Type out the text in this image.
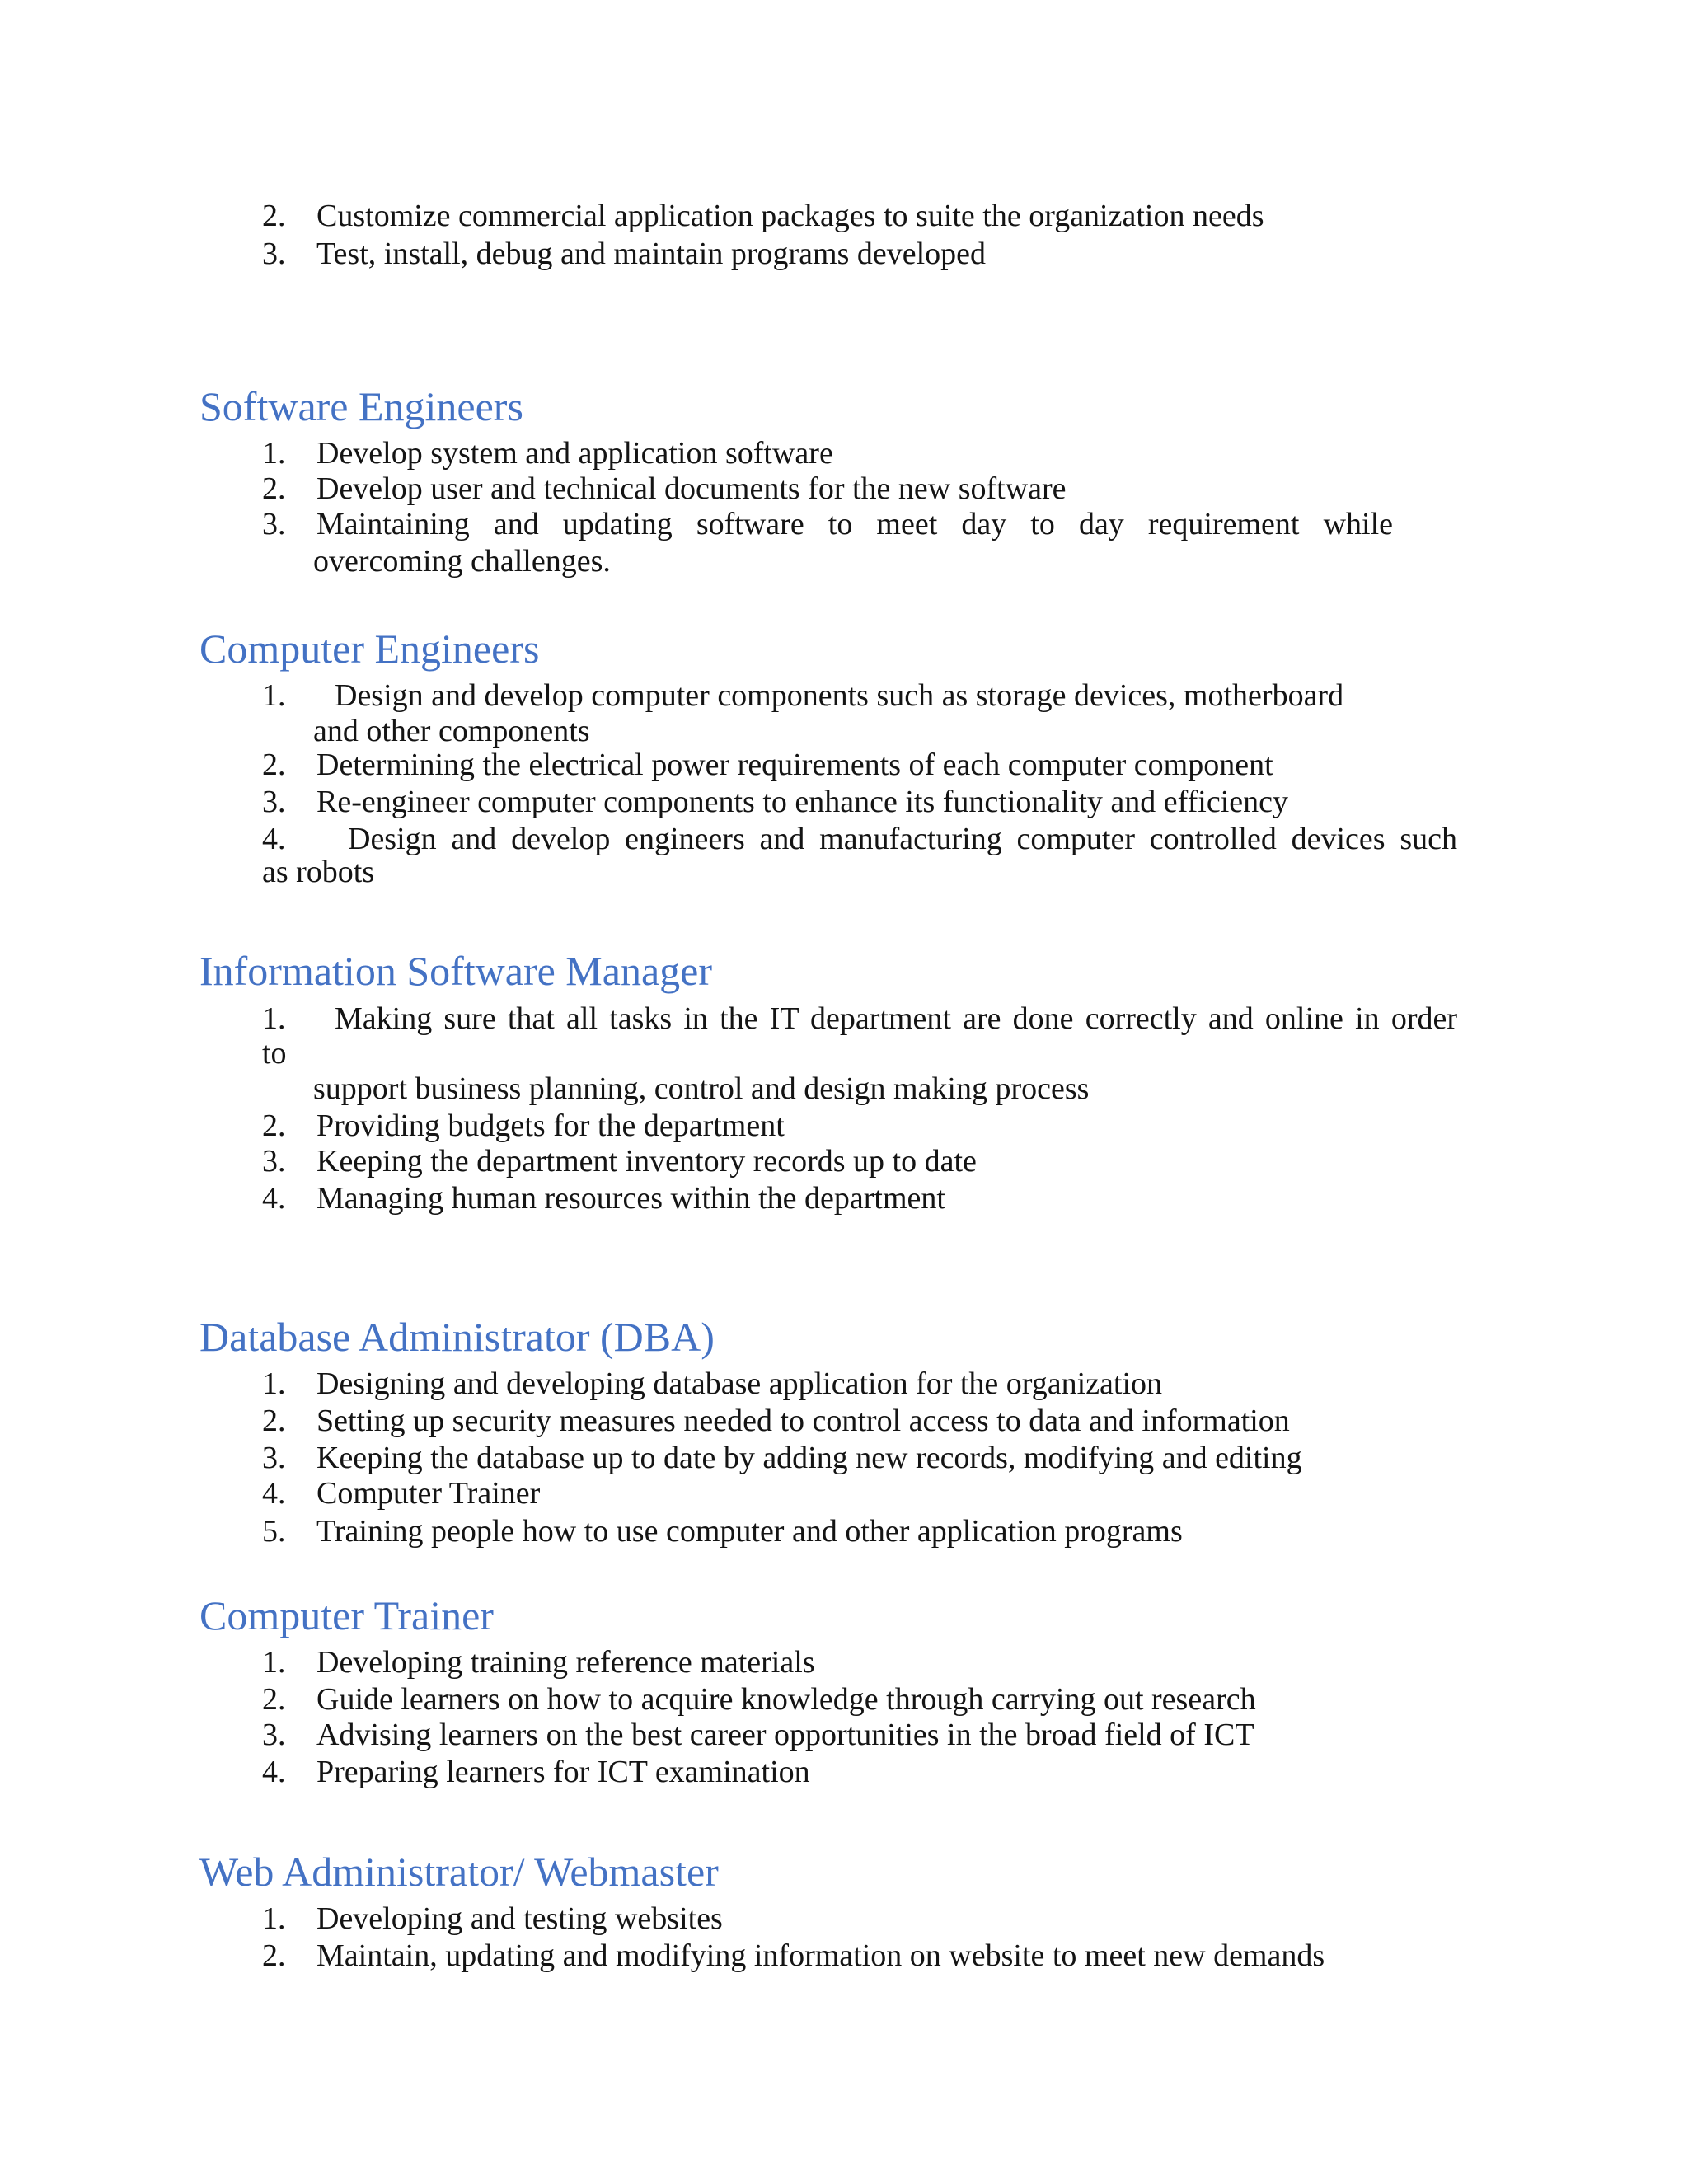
2. Customize commercial application packages to suite the organization needs
3. Test, install, debug and maintain programs developed
Software Engineers
1. Develop system and application software
2. Develop user and technical documents for the new software
3. Maintaining and updating software to meet day to day requirement while
overcoming challenges.
Computer Engineers
1. Design and develop computer components such as storage devices, motherboard
and other components
2. Determining the electrical power requirements of each computer component
3. Re-engineer computer components to enhance its functionality and efficiency
4. Design and develop engineers and manufacturing computer controlled devices such
as robots
Information Software Manager
1. Making sure that all tasks in the IT department are done correctly and online in order
to
support business planning, control and design making process
2. Providing budgets for the department
3. Keeping the department inventory records up to date
4. Managing human resources within the department
Database Administrator (DBA)
1. Designing and developing database application for the organization
2. Setting up security measures needed to control access to data and information
3. Keeping the database up to date by adding new records, modifying and editing
4. Computer Trainer
5. Training people how to use computer and other application programs
Computer Trainer
1. Developing training reference materials
2. Guide learners on how to acquire knowledge through carrying out research
3. Advising learners on the best career opportunities in the broad field of ICT
4. Preparing learners for ICT examination
Web Administrator/ Webmaster
1. Developing and testing websites
2. Maintain, updating and modifying information on website to meet new demands
